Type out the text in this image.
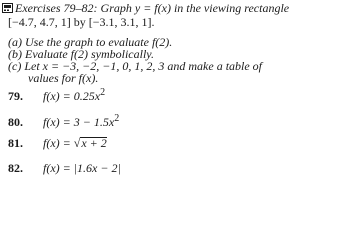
Exercises 79–82: Graph y = f(x) in the viewing rectangle
[−4.7, 4.7, 1] by [−3.1, 3.1, 1].
(a) Use the graph to evaluate f(2).
(b) Evaluate f(2) symbolically.
(c) Let x = −3, −2, −1, 0, 1, 2, 3 and make a table of
values for f(x).
79. $f(x) = 0.25x^2$
80. $f(x) = 3 - 1.5x^2$
81. f(x) = √x + 2
82. f(x) = |1.6x − 2|
